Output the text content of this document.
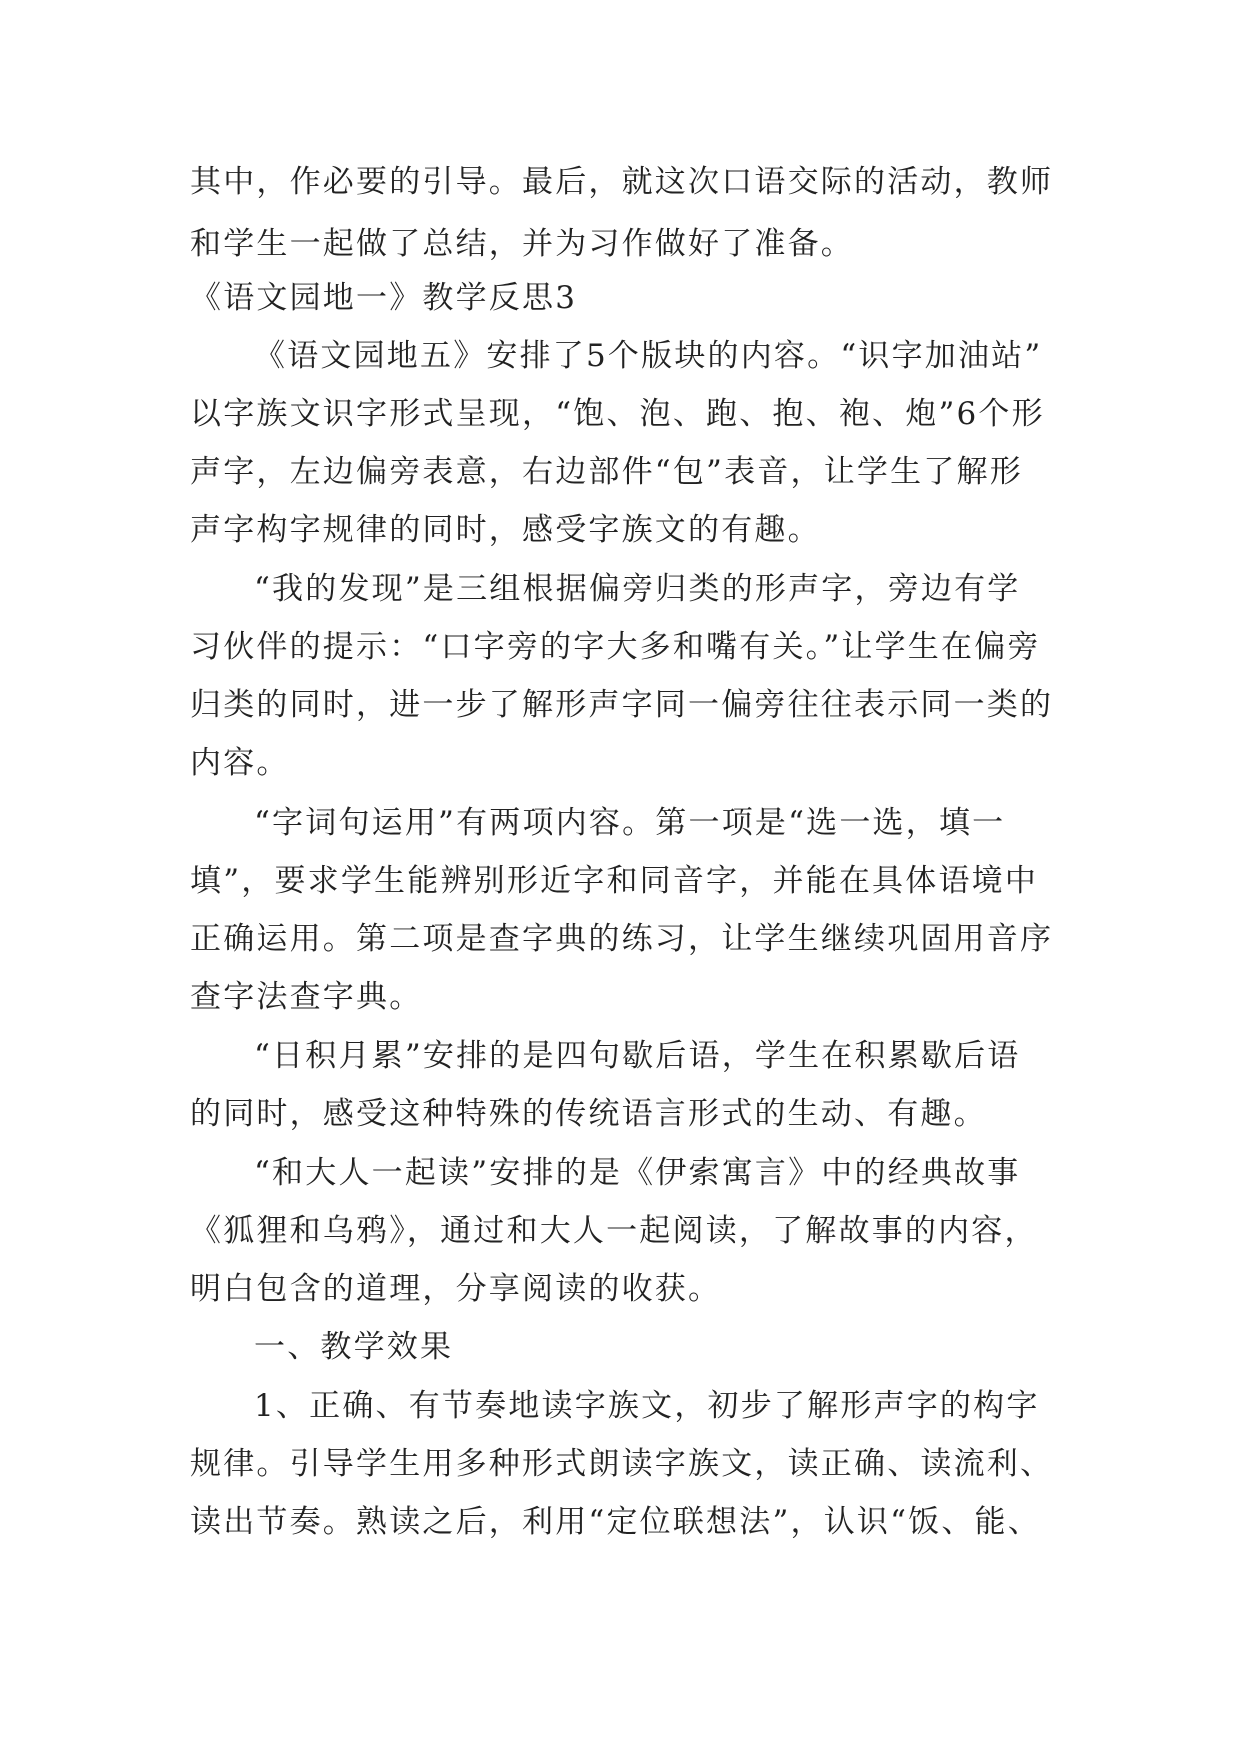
其中，作必要的引导。最后，就这次口语交际的活动，教师
和学生一起做了总结，并为习作做好了准备。
《语文园地一》教学反思3
《语文园地五》安排了5个版块的内容。“识字加油站”
以字族文识字形式呈现，“饱、泡、跑、抱、袍、炮”6个形
声字，左边偏旁表意，右边部件“包”表音，让学生了解形
声字构字规律的同时，感受字族文的有趣。
“我的发现”是三组根据偏旁归类的形声字，旁边有学
习伙伴的提示：“口字旁的字大多和嘴有关。”让学生在偏旁
归类的同时，进一步了解形声字同一偏旁往往表示同一类的
内容。
“字词句运用”有两项内容。第一项是“选一选，填一
填”，要求学生能辨别形近字和同音字，并能在具体语境中
正确运用。第二项是查字典的练习，让学生继续巩固用音序
查字法查字典。
“日积月累”安排的是四句歇后语，学生在积累歇后语
的同时，感受这种特殊的传统语言形式的生动、有趣。
“和大人一起读”安排的是《伊索寓言》中的经典故事
《狐狸和乌鸦》，通过和大人一起阅读，了解故事的内容，
明白包含的道理，分享阅读的收获。
一、教学效果
1、正确、有节奏地读字族文，初步了解形声字的构字
规律。引导学生用多种形式朗读字族文，读正确、读流利、
读出节奏。熟读之后，利用“定位联想法”，认识“饭、能、
